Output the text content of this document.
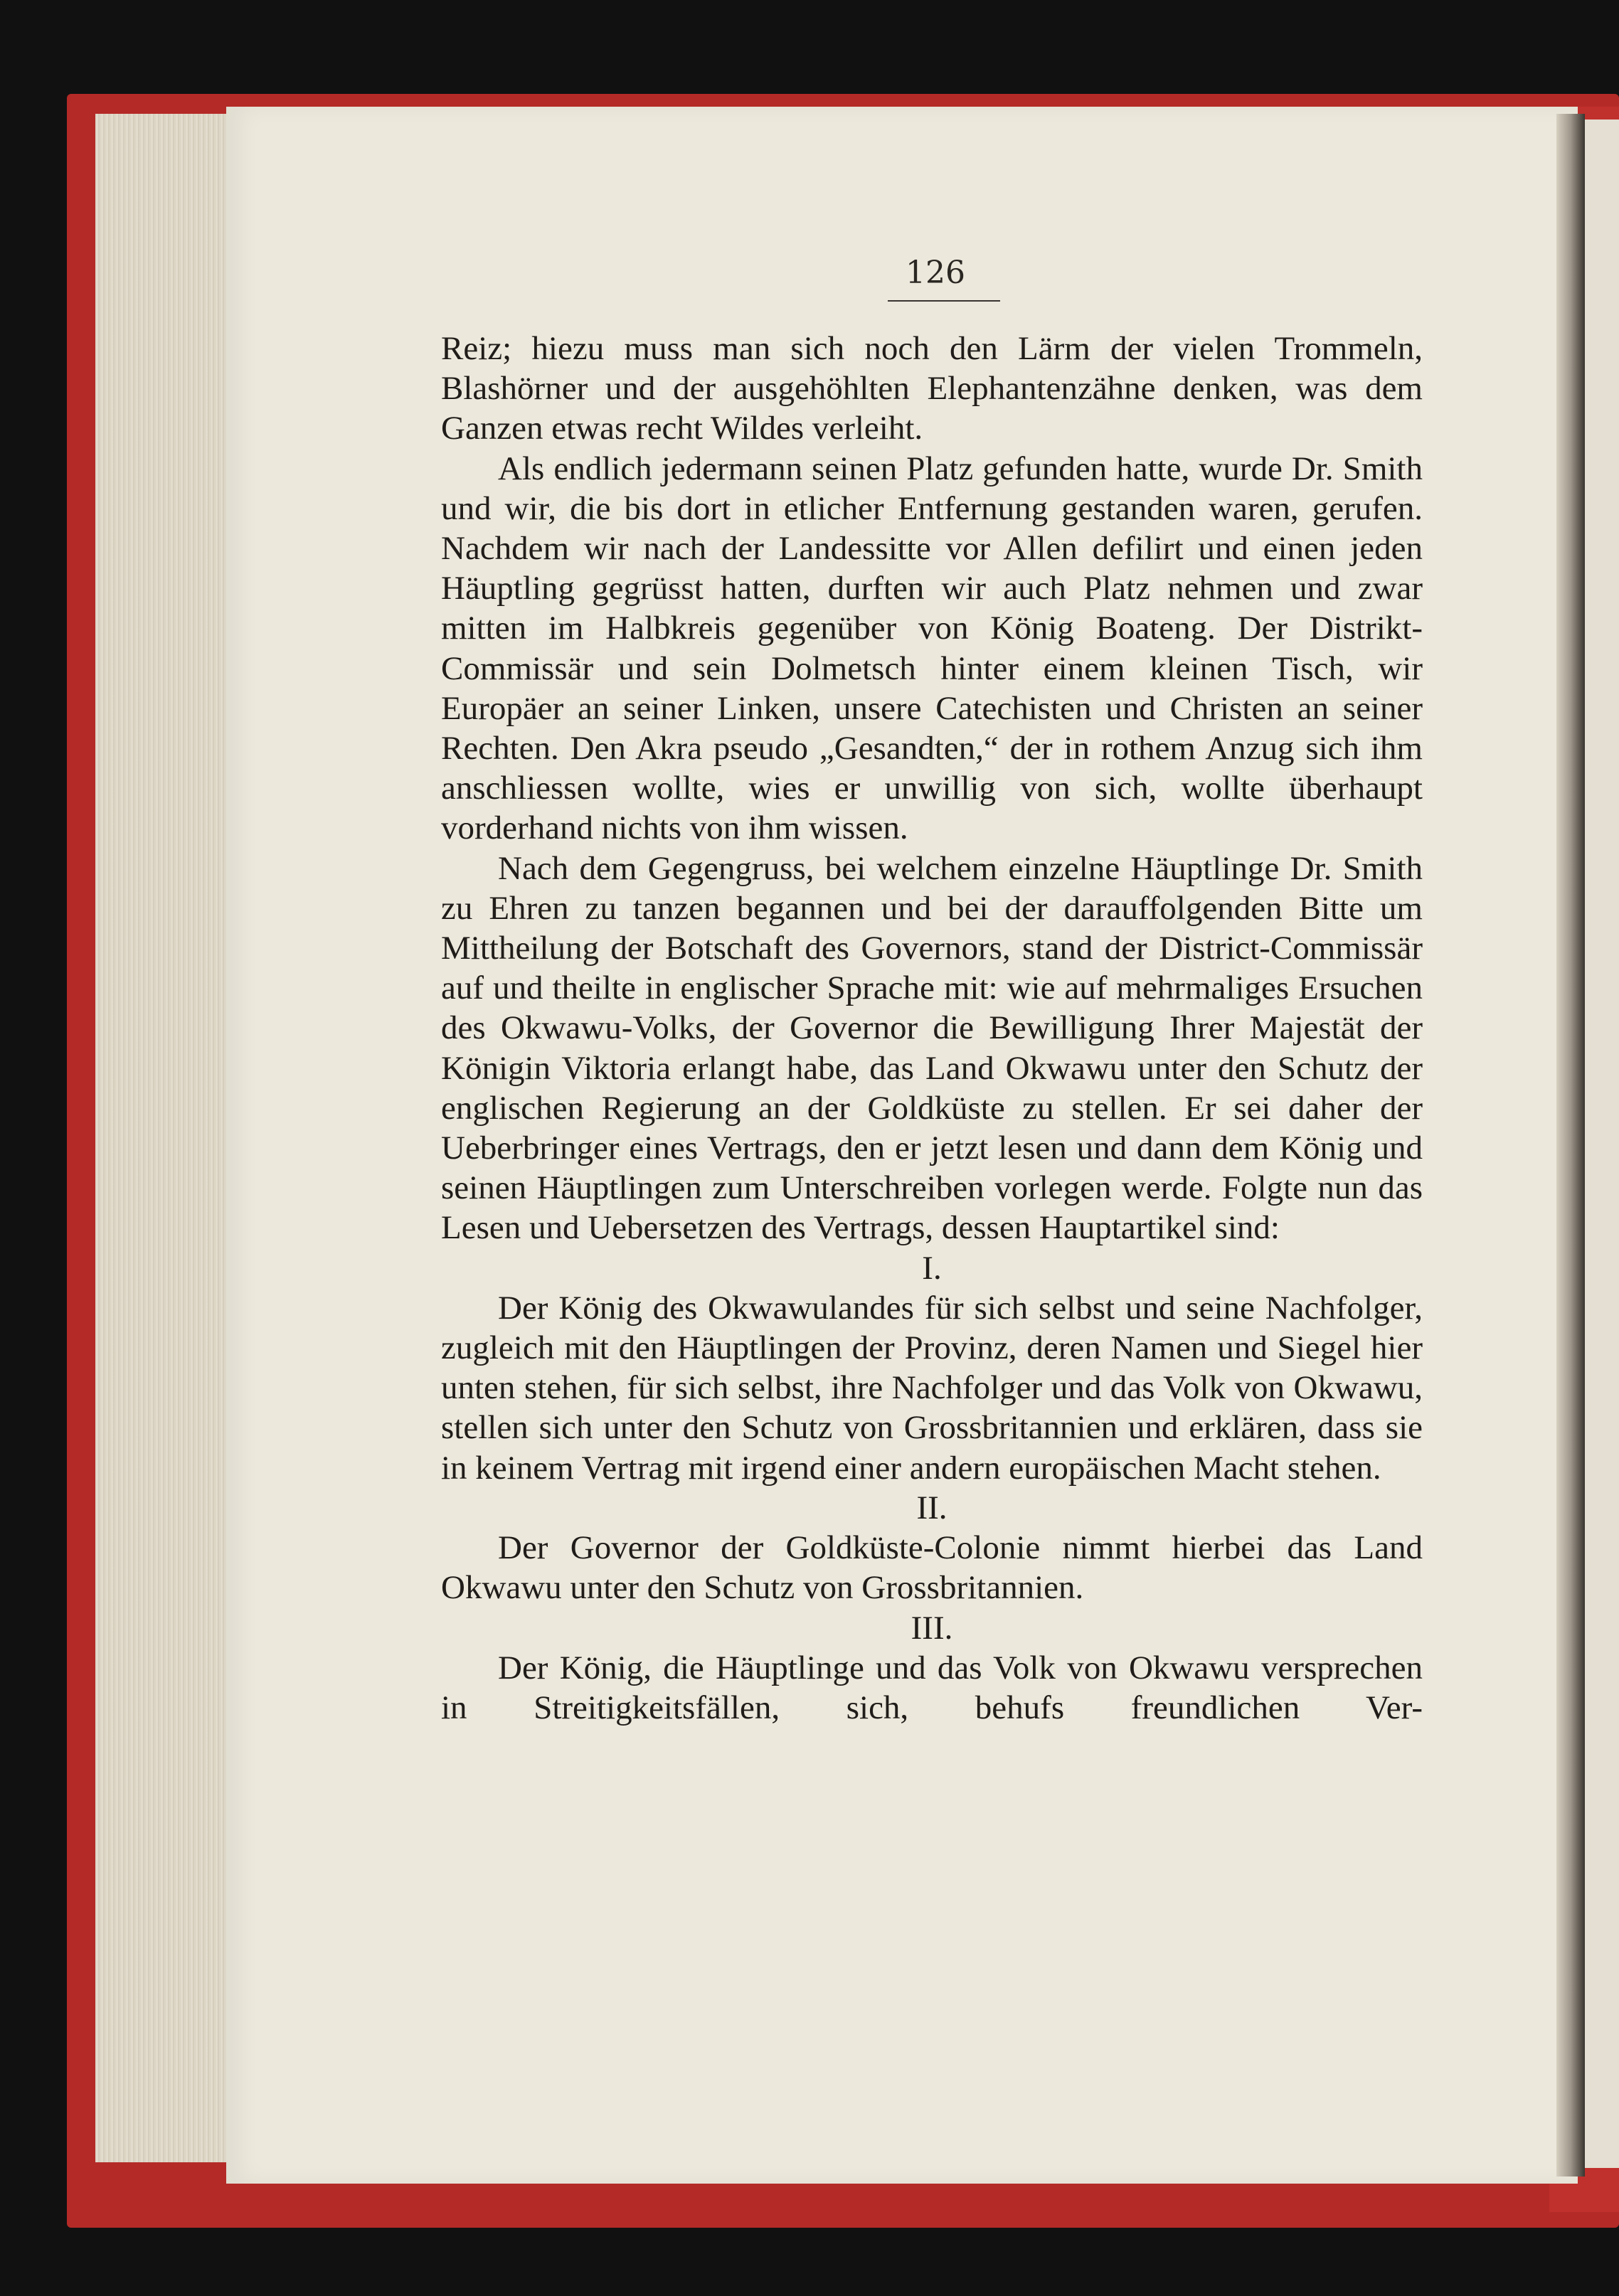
126

Reiz; hiezu muss man sich noch den Lärm der vielen Trommeln, Blashörner und der ausgehöhlten Elephantenzähne denken, was dem Ganzen etwas recht Wildes verleiht.

Als endlich jedermann seinen Platz gefunden hatte, wurde Dr. Smith und wir, die bis dort in etlicher Entfernung gestanden waren, gerufen. Nachdem wir nach der Landessitte vor Allen defilirt und einen jeden Häuptling gegrüsst hatten, durften wir auch Platz nehmen und zwar mitten im Halbkreis gegenüber von König Boateng. Der Distrikt-Commissär und sein Dolmetsch hinter einem kleinen Tisch, wir Europäer an seiner Linken, unsere Catechisten und Christen an seiner Rechten. Den Akra pseudo „Gesandten,“ der in rothem Anzug sich ihm anschliessen wollte, wies er unwillig von sich, wollte überhaupt vorderhand nichts von ihm wissen.

Nach dem Gegengruss, bei welchem einzelne Häuptlinge Dr. Smith zu Ehren zu tanzen begannen und bei der darauffolgenden Bitte um Mittheilung der Botschaft des Governors, stand der District-Commissär auf und theilte in englischer Sprache mit: wie auf mehrmaliges Ersuchen des Okwawu-Volks, der Governor die Bewilligung Ihrer Majestät der Königin Viktoria erlangt habe, das Land Okwawu unter den Schutz der englischen Regierung an der Goldküste zu stellen. Er sei daher der Ueberbringer eines Vertrags, den er jetzt lesen und dann dem König und seinen Häuptlingen zum Unterschreiben vorlegen werde. Folgte nun das Lesen und Uebersetzen des Vertrags, dessen Hauptartikel sind:

I.

Der König des Okwawulandes für sich selbst und seine Nachfolger, zugleich mit den Häuptlingen der Provinz, deren Namen und Siegel hier unten stehen, für sich selbst, ihre Nachfolger und das Volk von Okwawu, stellen sich unter den Schutz von Grossbritannien und erklären, dass sie in keinem Vertrag mit irgend einer andern europäischen Macht stehen.

II.

Der Governor der Goldküste-Colonie nimmt hierbei das Land Okwawu unter den Schutz von Grossbritannien.

III.

Der König, die Häuptlinge und das Volk von Okwawu versprechen in Streitigkeitsfällen, sich, behufs freundlichen Ver-
